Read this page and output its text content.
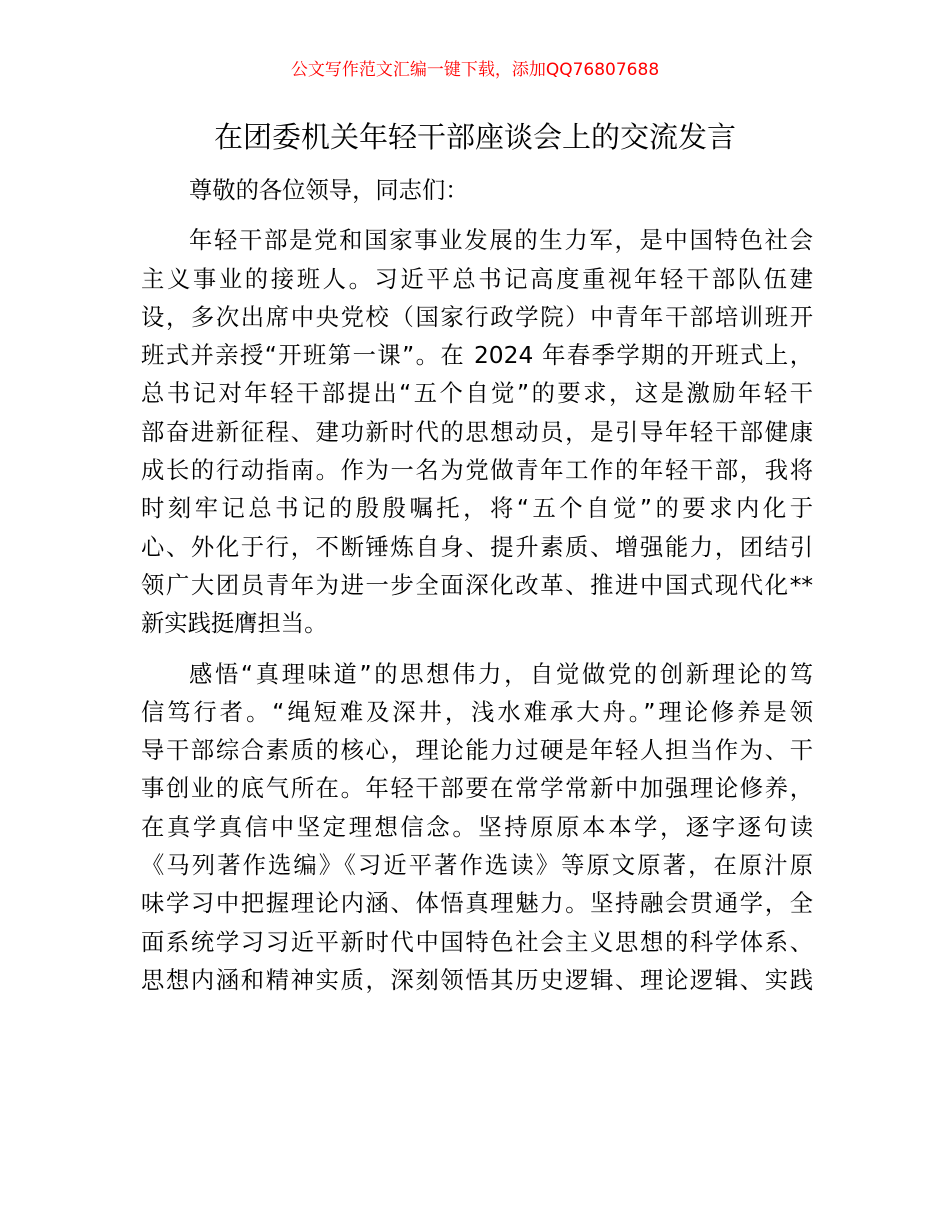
公文写作范文汇编一键下载，添加QQ76807688
在团委机关年轻干部座谈会上的交流发言
尊敬的各位领导，同志们：
年轻干部是党和国家事业发展的生力军，是中国特色社会
主义事业的接班人。习近平总书记高度重视年轻干部队伍建
设，多次出席中央党校（国家行政学院）中青年干部培训班开
班式并亲授“开班第一课”。在 2024 年春季学期的开班式上，
总书记对年轻干部提出“五个自觉”的要求，这是激励年轻干
部奋进新征程、建功新时代的思想动员，是引导年轻干部健康
成长的行动指南。作为一名为党做青年工作的年轻干部，我将
时刻牢记总书记的殷殷嘱托，将“五个自觉”的要求内化于
心、外化于行，不断锤炼自身、提升素质、增强能力，团结引
领广大团员青年为进一步全面深化改革、推进中国式现代化**
新实践挺膺担当。
感悟“真理味道”的思想伟力，自觉做党的创新理论的笃
信笃行者。“绳短难及深井，浅水难承大舟。”理论修养是领
导干部综合素质的核心，理论能力过硬是年轻人担当作为、干
事创业的底气所在。年轻干部要在常学常新中加强理论修养，
在真学真信中坚定理想信念。坚持原原本本学，逐字逐句读
《马列著作选编》《习近平著作选读》等原文原著，在原汁原
味学习中把握理论内涵、体悟真理魅力。坚持融会贯通学，全
面系统学习习近平新时代中国特色社会主义思想的科学体系、
思想内涵和精神实质，深刻领悟其历史逻辑、理论逻辑、实践
